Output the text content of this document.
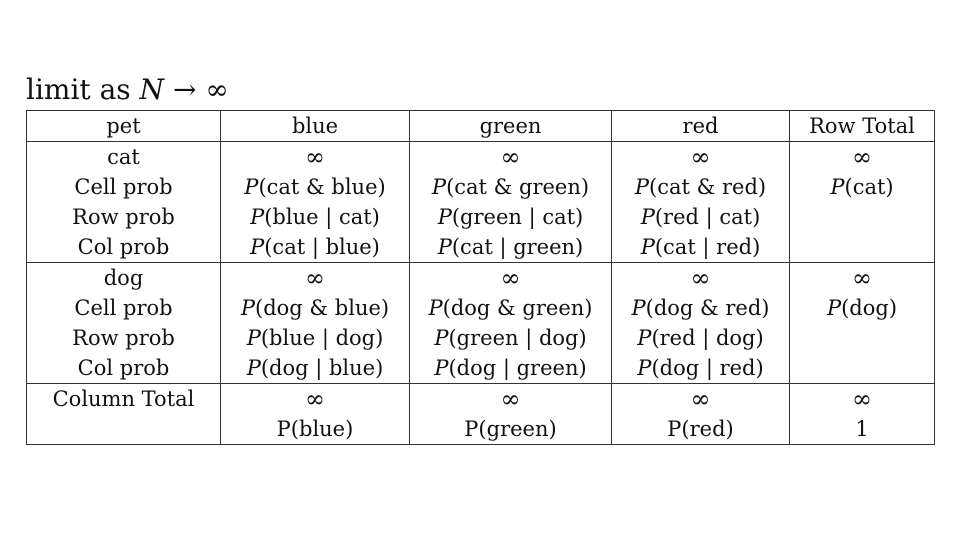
limit as N → ∞
pet	blue	green	red	Row Total
cat	∞	∞	∞	∞
Cell prob	P(cat & blue)	P(cat & green)	P(cat & red)	P(cat)
Row prob	P(blue | cat)	P(green | cat)	P(red | cat)	
Col prob	P(cat | blue)	P(cat | green)	P(cat | red)	
dog	∞	∞	∞	∞
Cell prob	P(dog & blue)	P(dog & green)	P(dog & red)	P(dog)
Row prob	P(blue | dog)	P(green | dog)	P(red | dog)	
Col prob	P(dog | blue)	P(dog | green)	P(dog | red)	
Column Total	∞	∞	∞	∞
	P(blue)	P(green)	P(red)	1
